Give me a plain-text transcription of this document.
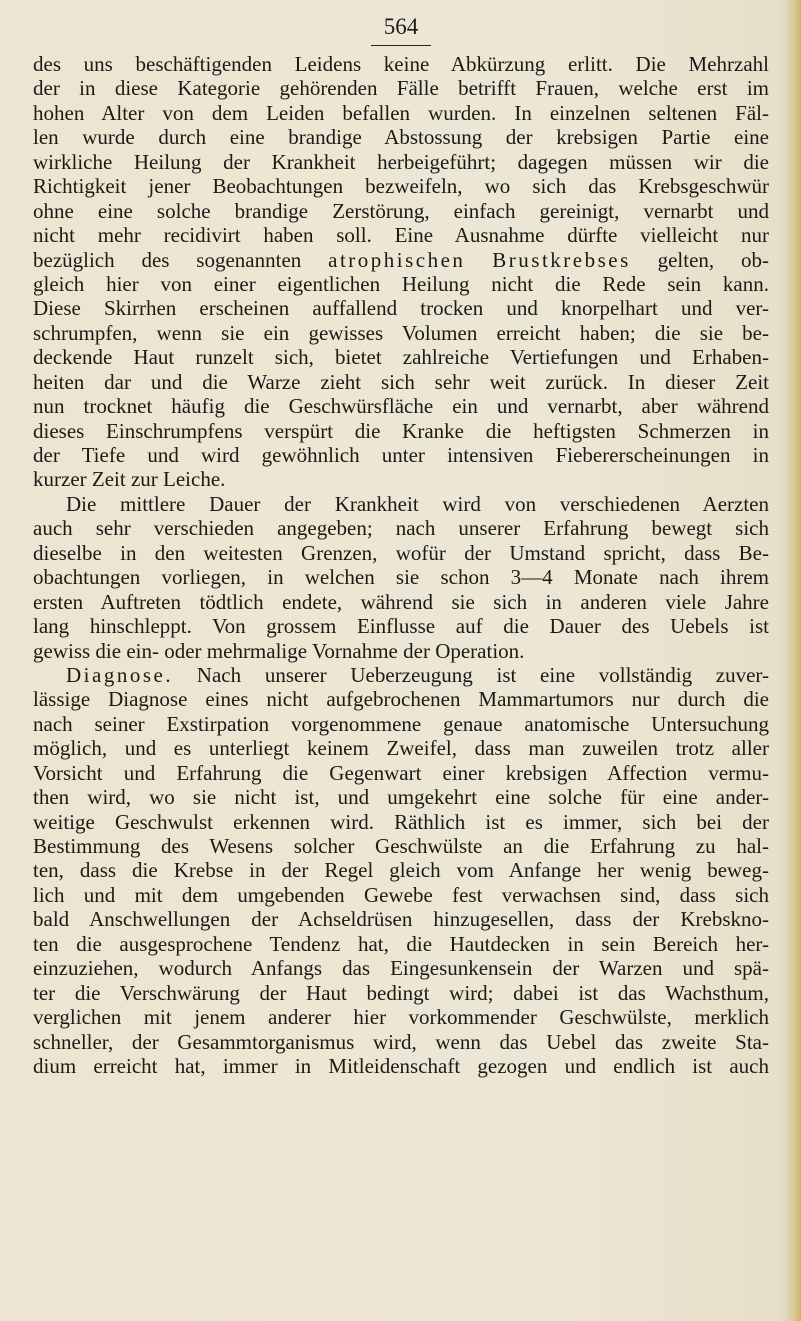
564
des uns beschäftigenden Leidens keine Abkürzung erlitt. Die Mehrzahl
der in diese Kategorie gehörenden Fälle betrifft Frauen, welche erst im
hohen Alter von dem Leiden befallen wurden. In einzelnen seltenen Fäl-
len wurde durch eine brandige Abstossung der krebsigen Partie eine
wirkliche Heilung der Krankheit herbeigeführt; dagegen müssen wir die
Richtigkeit jener Beobachtungen bezweifeln, wo sich das Krebsgeschwür
ohne eine solche brandige Zerstörung, einfach gereinigt, vernarbt und
nicht mehr recidivirt haben soll. Eine Ausnahme dürfte vielleicht nur
bezüglich des sogenannten atrophischen Brustkrebses gelten, ob-
gleich hier von einer eigentlichen Heilung nicht die Rede sein kann.
Diese Skirrhen erscheinen auffallend trocken und knorpelhart und ver-
schrumpfen, wenn sie ein gewisses Volumen erreicht haben; die sie be-
deckende Haut runzelt sich, bietet zahlreiche Vertiefungen und Erhaben-
heiten dar und die Warze zieht sich sehr weit zurück. In dieser Zeit
nun trocknet häufig die Geschwürsfläche ein und vernarbt, aber während
dieses Einschrumpfens verspürt die Kranke die heftigsten Schmerzen in
der Tiefe und wird gewöhnlich unter intensiven Fiebererscheinungen in
kurzer Zeit zur Leiche.
Die mittlere Dauer der Krankheit wird von verschiedenen Aerzten
auch sehr verschieden angegeben; nach unserer Erfahrung bewegt sich
dieselbe in den weitesten Grenzen, wofür der Umstand spricht, dass Be-
obachtungen vorliegen, in welchen sie schon 3—4 Monate nach ihrem
ersten Auftreten tödtlich endete, während sie sich in anderen viele Jahre
lang hinschleppt. Von grossem Einflusse auf die Dauer des Uebels ist
gewiss die ein- oder mehrmalige Vornahme der Operation.
Diagnose. Nach unserer Ueberzeugung ist eine vollständig zuver-
lässige Diagnose eines nicht aufgebrochenen Mammartumors nur durch die
nach seiner Exstirpation vorgenommene genaue anatomische Untersuchung
möglich, und es unterliegt keinem Zweifel, dass man zuweilen trotz aller
Vorsicht und Erfahrung die Gegenwart einer krebsigen Affection vermu-
then wird, wo sie nicht ist, und umgekehrt eine solche für eine ander-
weitige Geschwulst erkennen wird. Räthlich ist es immer, sich bei der
Bestimmung des Wesens solcher Geschwülste an die Erfahrung zu hal-
ten, dass die Krebse in der Regel gleich vom Anfange her wenig beweg-
lich und mit dem umgebenden Gewebe fest verwachsen sind, dass sich
bald Anschwellungen der Achseldrüsen hinzugesellen, dass der Krebskno-
ten die ausgesprochene Tendenz hat, die Hautdecken in sein Bereich her-
einzuziehen, wodurch Anfangs das Eingesunkensein der Warzen und spä-
ter die Verschwärung der Haut bedingt wird; dabei ist das Wachsthum,
verglichen mit jenem anderer hier vorkommender Geschwülste, merklich
schneller, der Gesammtorganismus wird, wenn das Uebel das zweite Sta-
dium erreicht hat, immer in Mitleidenschaft gezogen und endlich ist auch
